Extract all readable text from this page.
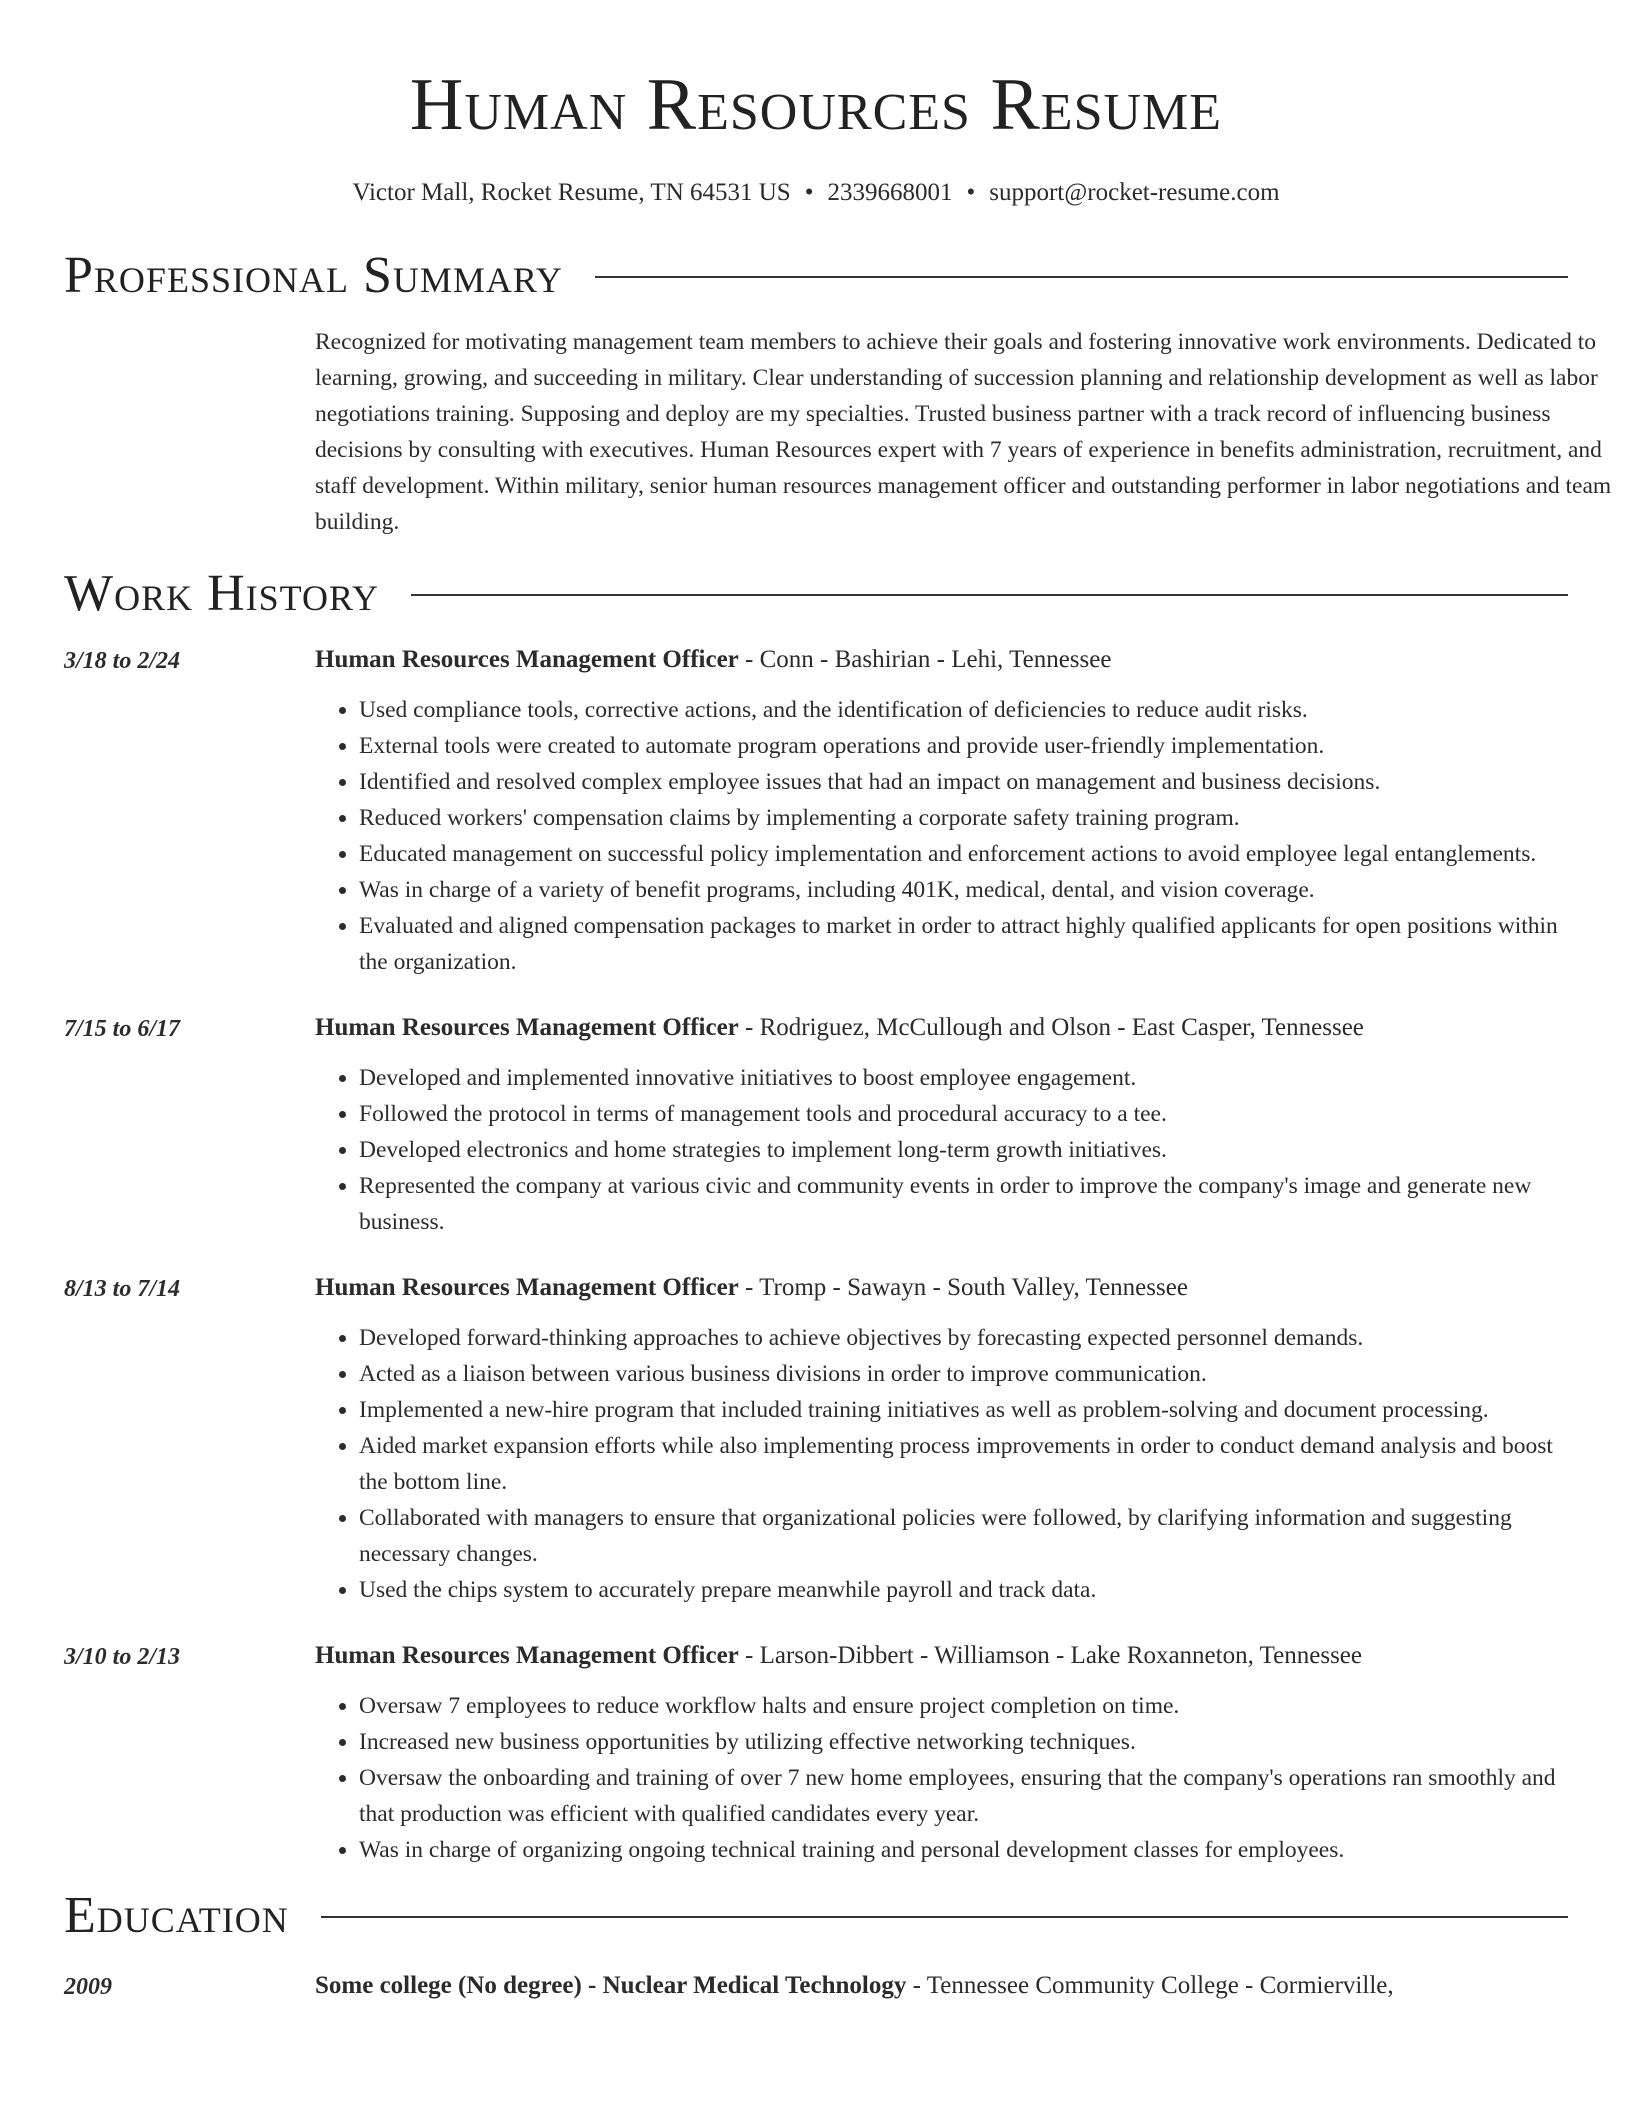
Human Resources Resume
Victor Mall, Rocket Resume, TN 64531 US • 2339668001 • support@rocket-resume.com
Professional Summary
Recognized for motivating management team members to achieve their goals and fostering innovative work environments. Dedicated to learning, growing, and succeeding in military. Clear understanding of succession planning and relationship development as well as labor negotiations training. Supposing and deploy are my specialties. Trusted business partner with a track record of influencing business decisions by consulting with executives. Human Resources expert with 7 years of experience in benefits administration, recruitment, and staff development. Within military, senior human resources management officer and outstanding performer in labor negotiations and team building.
Work History
3/18 to 2/24	Human Resources Management Officer - Conn - Bashirian - Lehi, Tennessee
• Used compliance tools, corrective actions, and the identification of deficiencies to reduce audit risks.
• External tools were created to automate program operations and provide user-friendly implementation.
• Identified and resolved complex employee issues that had an impact on management and business decisions.
• Reduced workers' compensation claims by implementing a corporate safety training program.
• Educated management on successful policy implementation and enforcement actions to avoid employee legal entanglements.
• Was in charge of a variety of benefit programs, including 401K, medical, dental, and vision coverage.
• Evaluated and aligned compensation packages to market in order to attract highly qualified applicants for open positions within the organization.
7/15 to 6/17	Human Resources Management Officer - Rodriguez, McCullough and Olson - East Casper, Tennessee
• Developed and implemented innovative initiatives to boost employee engagement.
• Followed the protocol in terms of management tools and procedural accuracy to a tee.
• Developed electronics and home strategies to implement long-term growth initiatives.
• Represented the company at various civic and community events in order to improve the company's image and generate new business.
8/13 to 7/14	Human Resources Management Officer - Tromp - Sawayn - South Valley, Tennessee
• Developed forward-thinking approaches to achieve objectives by forecasting expected personnel demands.
• Acted as a liaison between various business divisions in order to improve communication.
• Implemented a new-hire program that included training initiatives as well as problem-solving and document processing.
• Aided market expansion efforts while also implementing process improvements in order to conduct demand analysis and boost the bottom line.
• Collaborated with managers to ensure that organizational policies were followed, by clarifying information and suggesting necessary changes.
• Used the chips system to accurately prepare meanwhile payroll and track data.
3/10 to 2/13	Human Resources Management Officer - Larson-Dibbert - Williamson - Lake Roxanneton, Tennessee
• Oversaw 7 employees to reduce workflow halts and ensure project completion on time.
• Increased new business opportunities by utilizing effective networking techniques.
• Oversaw the onboarding and training of over 7 new home employees, ensuring that the company's operations ran smoothly and that production was efficient with qualified candidates every year.
• Was in charge of organizing ongoing technical training and personal development classes for employees.
Education
2009	Some college (No degree) - Nuclear Medical Technology - Tennessee Community College - Cormierville,
